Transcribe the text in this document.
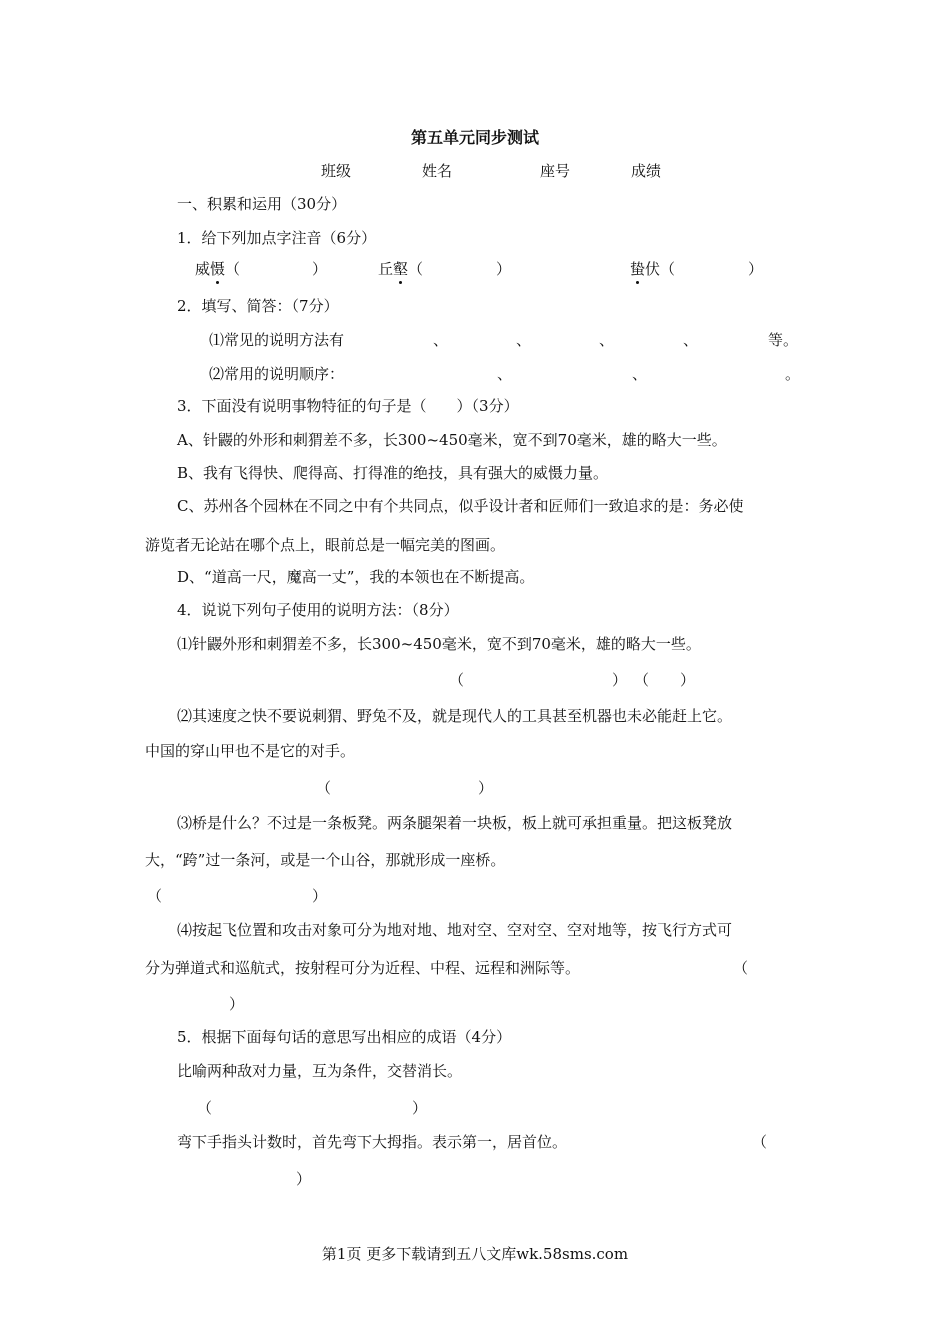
第五单元同步测试
班级	姓名	座号	成绩
一、积累和运用（30分）
1．给下列加点字注音（6分）
威慑（	）	丘壑（	）	蛰伏（	）
2．填写、简答：（7分）
⑴常见的说明方法有	、	、	、	、	等。
⑵常用的说明顺序：	、	、	。
3．下面没有说明事物特征的句子是（　　）（3分）
A、针鼹的外形和刺猬差不多，长300~450毫米，宽不到70毫米，雄的略大一些。
B、我有飞得快、爬得高、打得准的绝技，具有强大的威慑力量。
C、苏州各个园林在不同之中有个共同点，似乎设计者和匠师们一致追求的是：务必使
游览者无论站在哪个点上，眼前总是一幅完美的图画。
D、“道高一尺，魔高一丈”，我的本领也在不断提高。
4．说说下列句子使用的说明方法：（8分）
⑴针鼹外形和刺猬差不多，长300~450毫米，宽不到70毫米，雄的略大一些。
（	） （ ）
⑵其速度之快不要说刺猬、野兔不及，就是现代人的工具甚至机器也未必能赶上它。
中国的穿山甲也不是它的对手。
（	）
⑶桥是什么？不过是一条板凳。两条腿架着一块板，板上就可承担重量。把这板凳放
大，“跨”过一条河，或是一个山谷，那就形成一座桥。
（	）
⑷按起飞位置和攻击对象可分为地对地、地对空、空对空、空对地等，按飞行方式可
分为弹道式和巡航式，按射程可分为近程、中程、远程和洲际等。	（
）
5．根据下面每句话的意思写出相应的成语（4分）
比喻两种敌对力量，互为条件，交替消长。
（	）
弯下手指头计数时，首先弯下大拇指。表示第一，居首位。	（
）
第1页 更多下载请到五八文库wk.58sms.com
